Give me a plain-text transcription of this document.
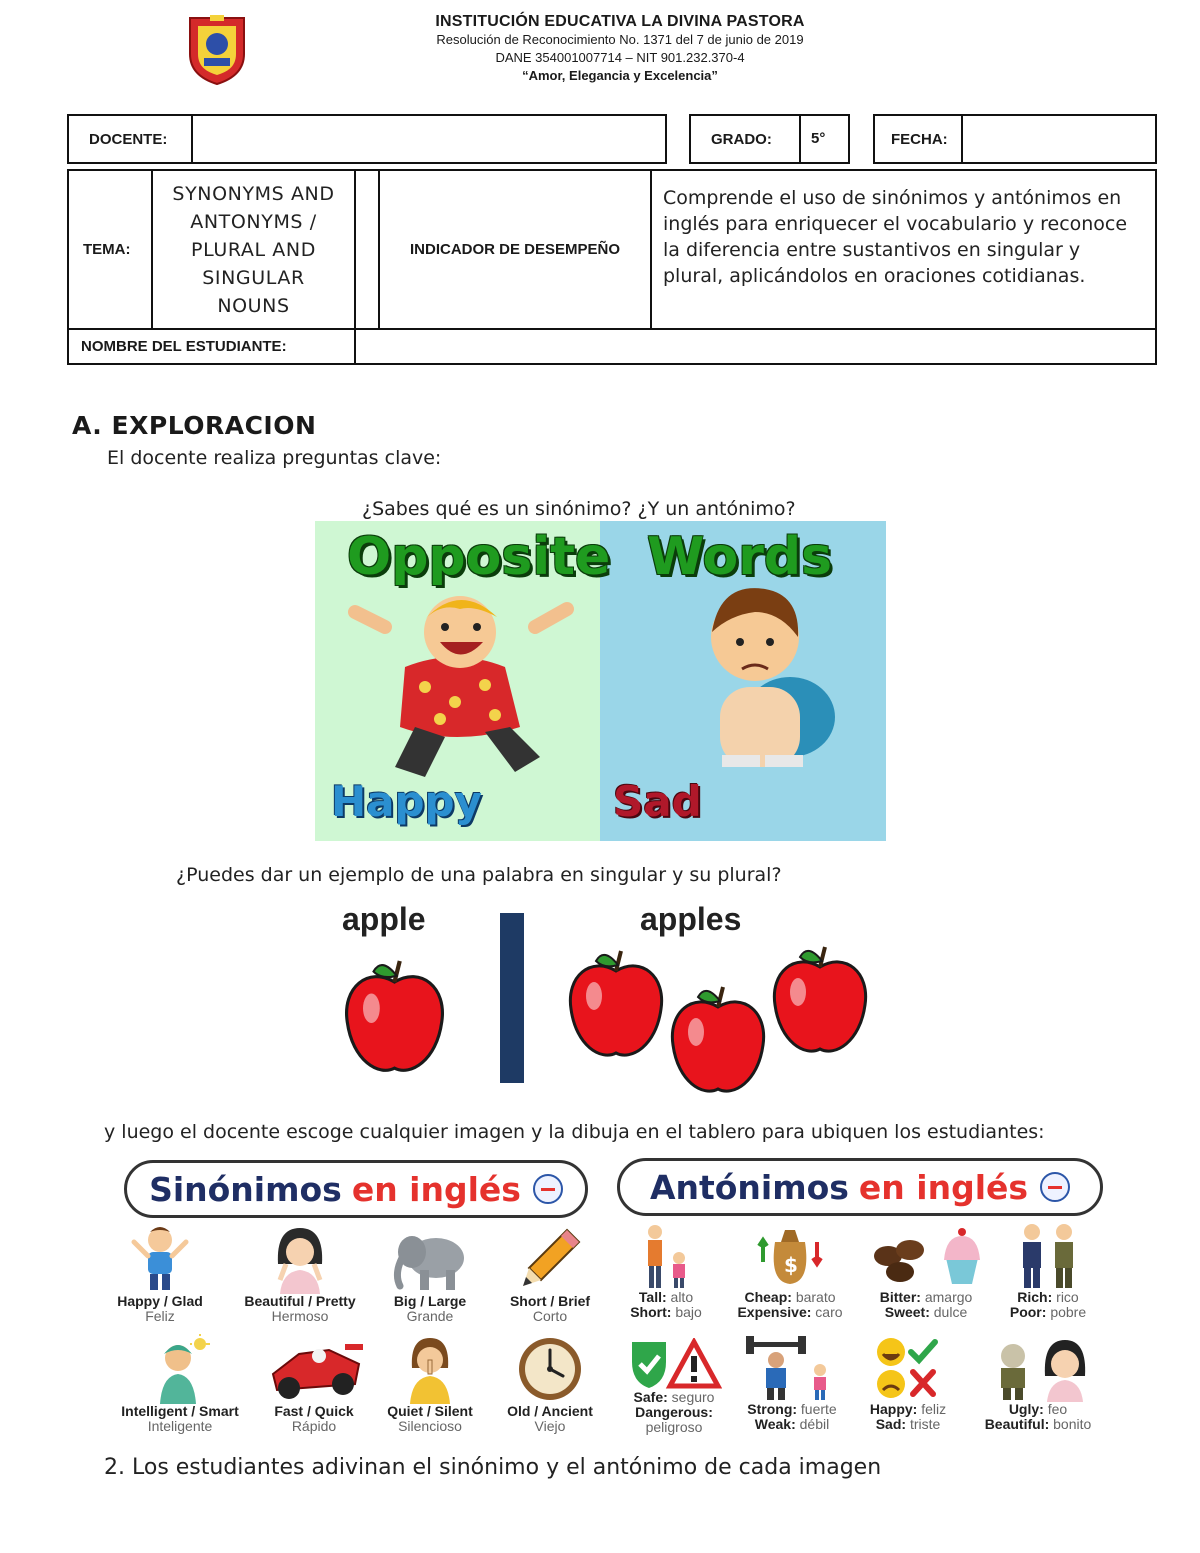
INSTITUCIÓN EDUCATIVA LA DIVINA PASTORA
Resolución de Reconocimiento No. 1371 del 7 de junio de 2019
DANE 354001007714 – NIT 901.232.370-4
“Amor, Elegancia y Excelencia”
DOCENTE:	GRADO:	5°	FECHA:
TEMA:
SYNONYMS AND ANTONYMS / PLURAL AND SINGULAR NOUNS
INDICADOR DE DESEMPEÑO
Comprende el uso de sinónimos y antónimos en inglés para enriquecer el vocabulario y reconoce la diferencia entre sustantivos en singular y plural, aplicándolos en oraciones cotidianas.
NOMBRE DEL ESTUDIANTE:
A. EXPLORACION
El docente realiza preguntas clave:
¿Sabes qué es un sinónimo? ¿Y un antónimo?
Opposite Words
Happy	Sad
¿Puedes dar un ejemplo de una palabra en singular y su plural?
apple	apples
y luego el docente escoge cualquier imagen y la dibuja en el tablero para ubiquen los estudiantes:
Sinónimos en inglés	Antónimos en inglés
Happy / Glad
Feliz
Beautiful / Pretty
Hermoso
Big / Large
Grande
Short / Brief
Corto
Intelligent / Smart
Inteligente
Fast / Quick
Rápido
Quiet / Silent
Silencioso
Old / Ancient
Viejo
Tall: alto
Short: bajo
$
Cheap: barato
Expensive: caro
Bitter: amargo
Sweet: dulce
Rich: rico
Poor: pobre
Safe: seguro
Dangerous:
peligroso
Strong: fuerte
Weak: débil
Happy: feliz
Sad: triste
Ugly: feo
Beautiful: bonito
2. Los estudiantes adivinan el sinónimo y el antónimo de cada imagen
